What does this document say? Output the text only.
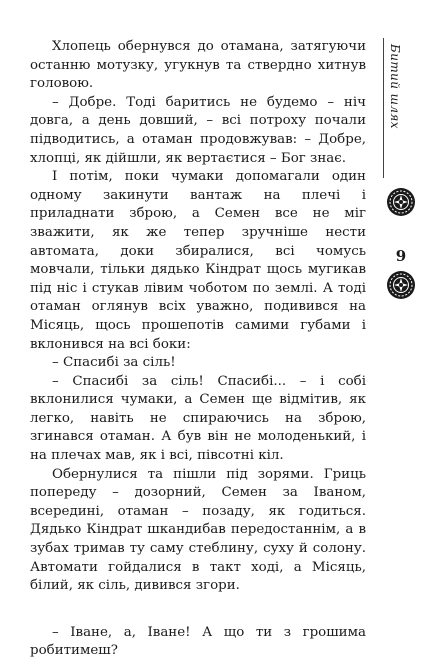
Хлопець обернувся до отамана, затягуючи останню мотузку, угукнув та ствердно хитнув головою.

– Добре. Тоді баритись не будемо – ніч довга, а день довший, – всі потроху почали підводитись, а отаман продовжував: – Добре, хлопці, як дійшли, як вертаєтися – Бог знає.

І потім, поки чумаки допомагали один одному закинути вантаж на плечі і приладнати зброю, а Семен все не міг зважити, як же тепер зручніше нести автомата, доки збиралися, всі чомусь мовчали, тільки дядько Кіндрат щось мугикав під ніс і стукав лівим чоботом по землі. А тоді отаман оглянув всіх уважно, подивився на Місяць, щось прошепотів самими губами і вклонився на всі боки:

– Спасибі за сіль!

– Спасибі за сіль! Спасибі... – і собі вклонилися чумаки, а Семен ще відмітив, як легко, навіть не спираючись на зброю, згинався отаман. А був він не молоденький, і на плечах мав, як і всі, півсотні кіл.

Обернулися та пішли під зорями. Гриць попереду – дозорний, Семен за Іваном, всередині, отаман – позаду, як годиться. Дядько Кіндрат шкандибав передостаннім, а в зубах тримав ту саму стеблину, суху й солону. Автомати гойдалися в такт ході, а Місяць, білий, як сіль, дивився згори.

– Іване, а, Іване! А що ти з грошима робитимеш?

Битий шлях
9
